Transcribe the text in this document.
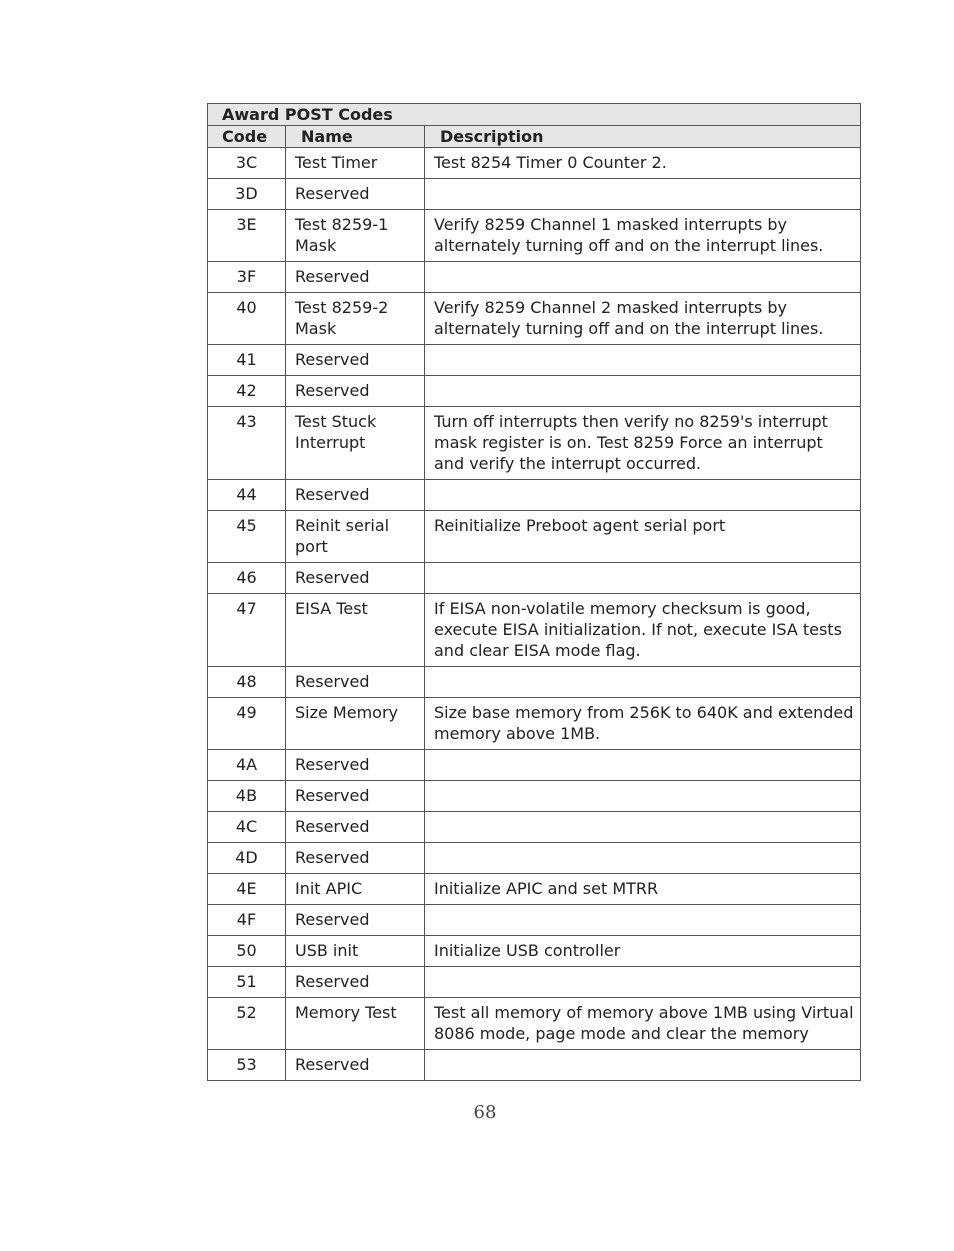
Award POST Codes		
Code	Name	Description
3C	Test Timer	Test 8254 Timer 0 Counter 2.
3D	Reserved	
3E	Test 8259-1 Mask	Verify 8259 Channel 1 masked interrupts by alternately turning off and on the interrupt lines.
3F	Reserved	
40	Test 8259-2 Mask	Verify 8259 Channel 2 masked interrupts by alternately turning off and on the interrupt lines.
41	Reserved	
42	Reserved	
43	Test Stuck Interrupt	Turn off interrupts then verify no 8259's interrupt mask register is on. Test 8259 Force an interrupt and verify the interrupt occurred.
44	Reserved	
45	Reinit serial port	Reinitialize Preboot agent serial port
46	Reserved	
47	EISA Test	If EISA non-volatile memory checksum is good, execute EISA initialization. If not, execute ISA tests and clear EISA mode flag.
48	Reserved	
49	Size Memory	Size base memory from 256K to 640K and extended memory above 1MB.
4A	Reserved	
4B	Reserved	
4C	Reserved	
4D	Reserved	
4E	Init APIC	Initialize APIC and set MTRR
4F	Reserved	
50	USB init	Initialize USB controller
51	Reserved	
52	Memory Test	Test all memory of memory above 1MB using Virtual 8086 mode, page mode and clear the memory
53	Reserved	
68
